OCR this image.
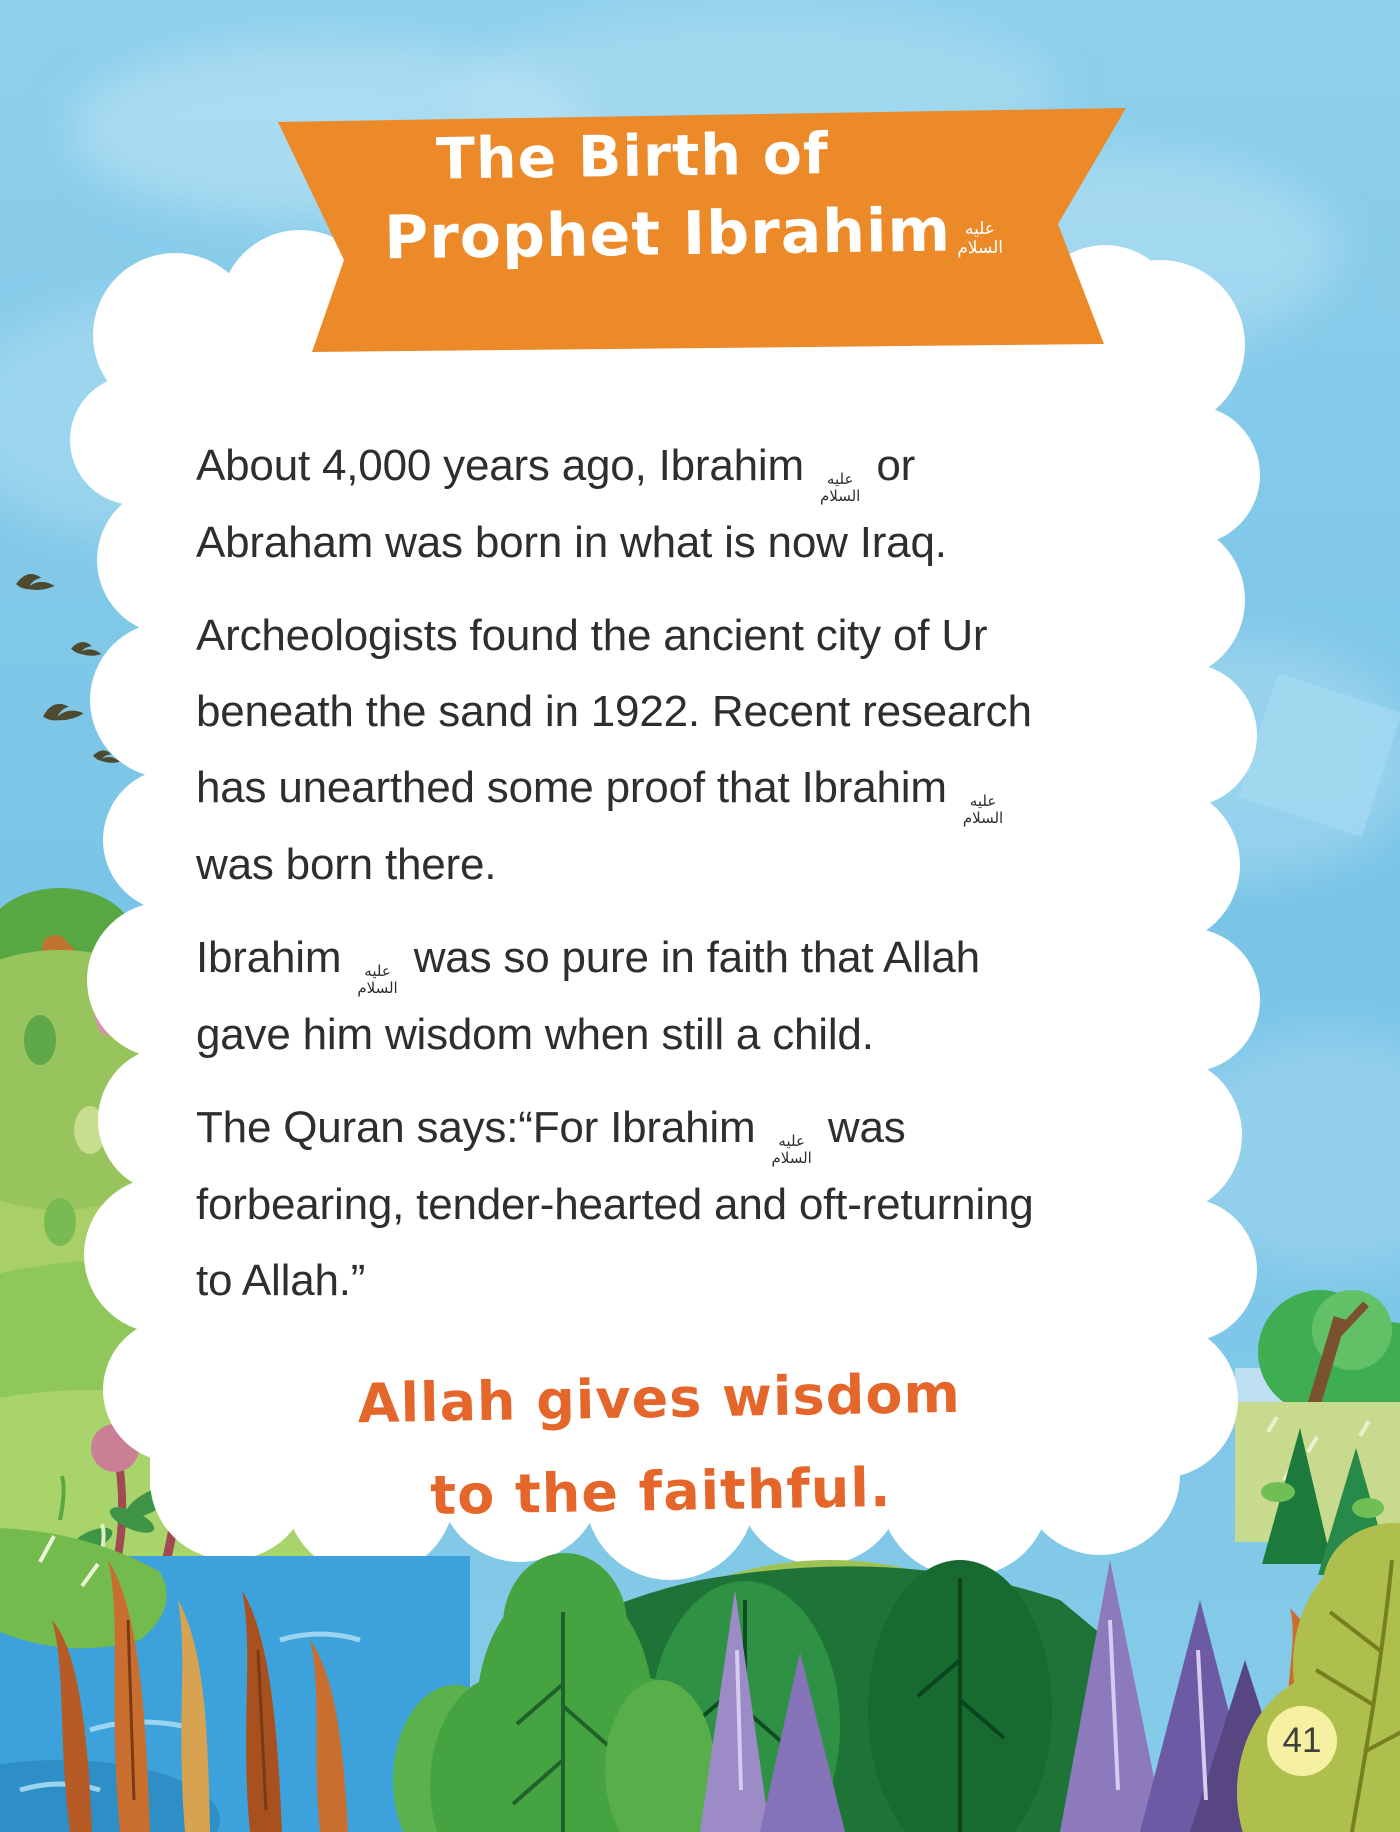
The Birth of
Prophet Ibrahim عليه
السلام
About 4,000 years ago, Ibrahim عليه
السلام
or
Abraham was born in what is now Iraq.
Archeologists found the ancient city of Ur
beneath the sand in 1922. Recent research
has unearthed some proof that Ibrahim عليه
السلام
was born there.
Ibrahim عليه
السلام
was so pure in faith that Allah
gave him wisdom when still a child.
The Quran says:“For Ibrahim عليه
السلام
was
forbearing, tender-hearted and oft-returning
to Allah.”
Allah gives wisdom
to the faithful.
41
